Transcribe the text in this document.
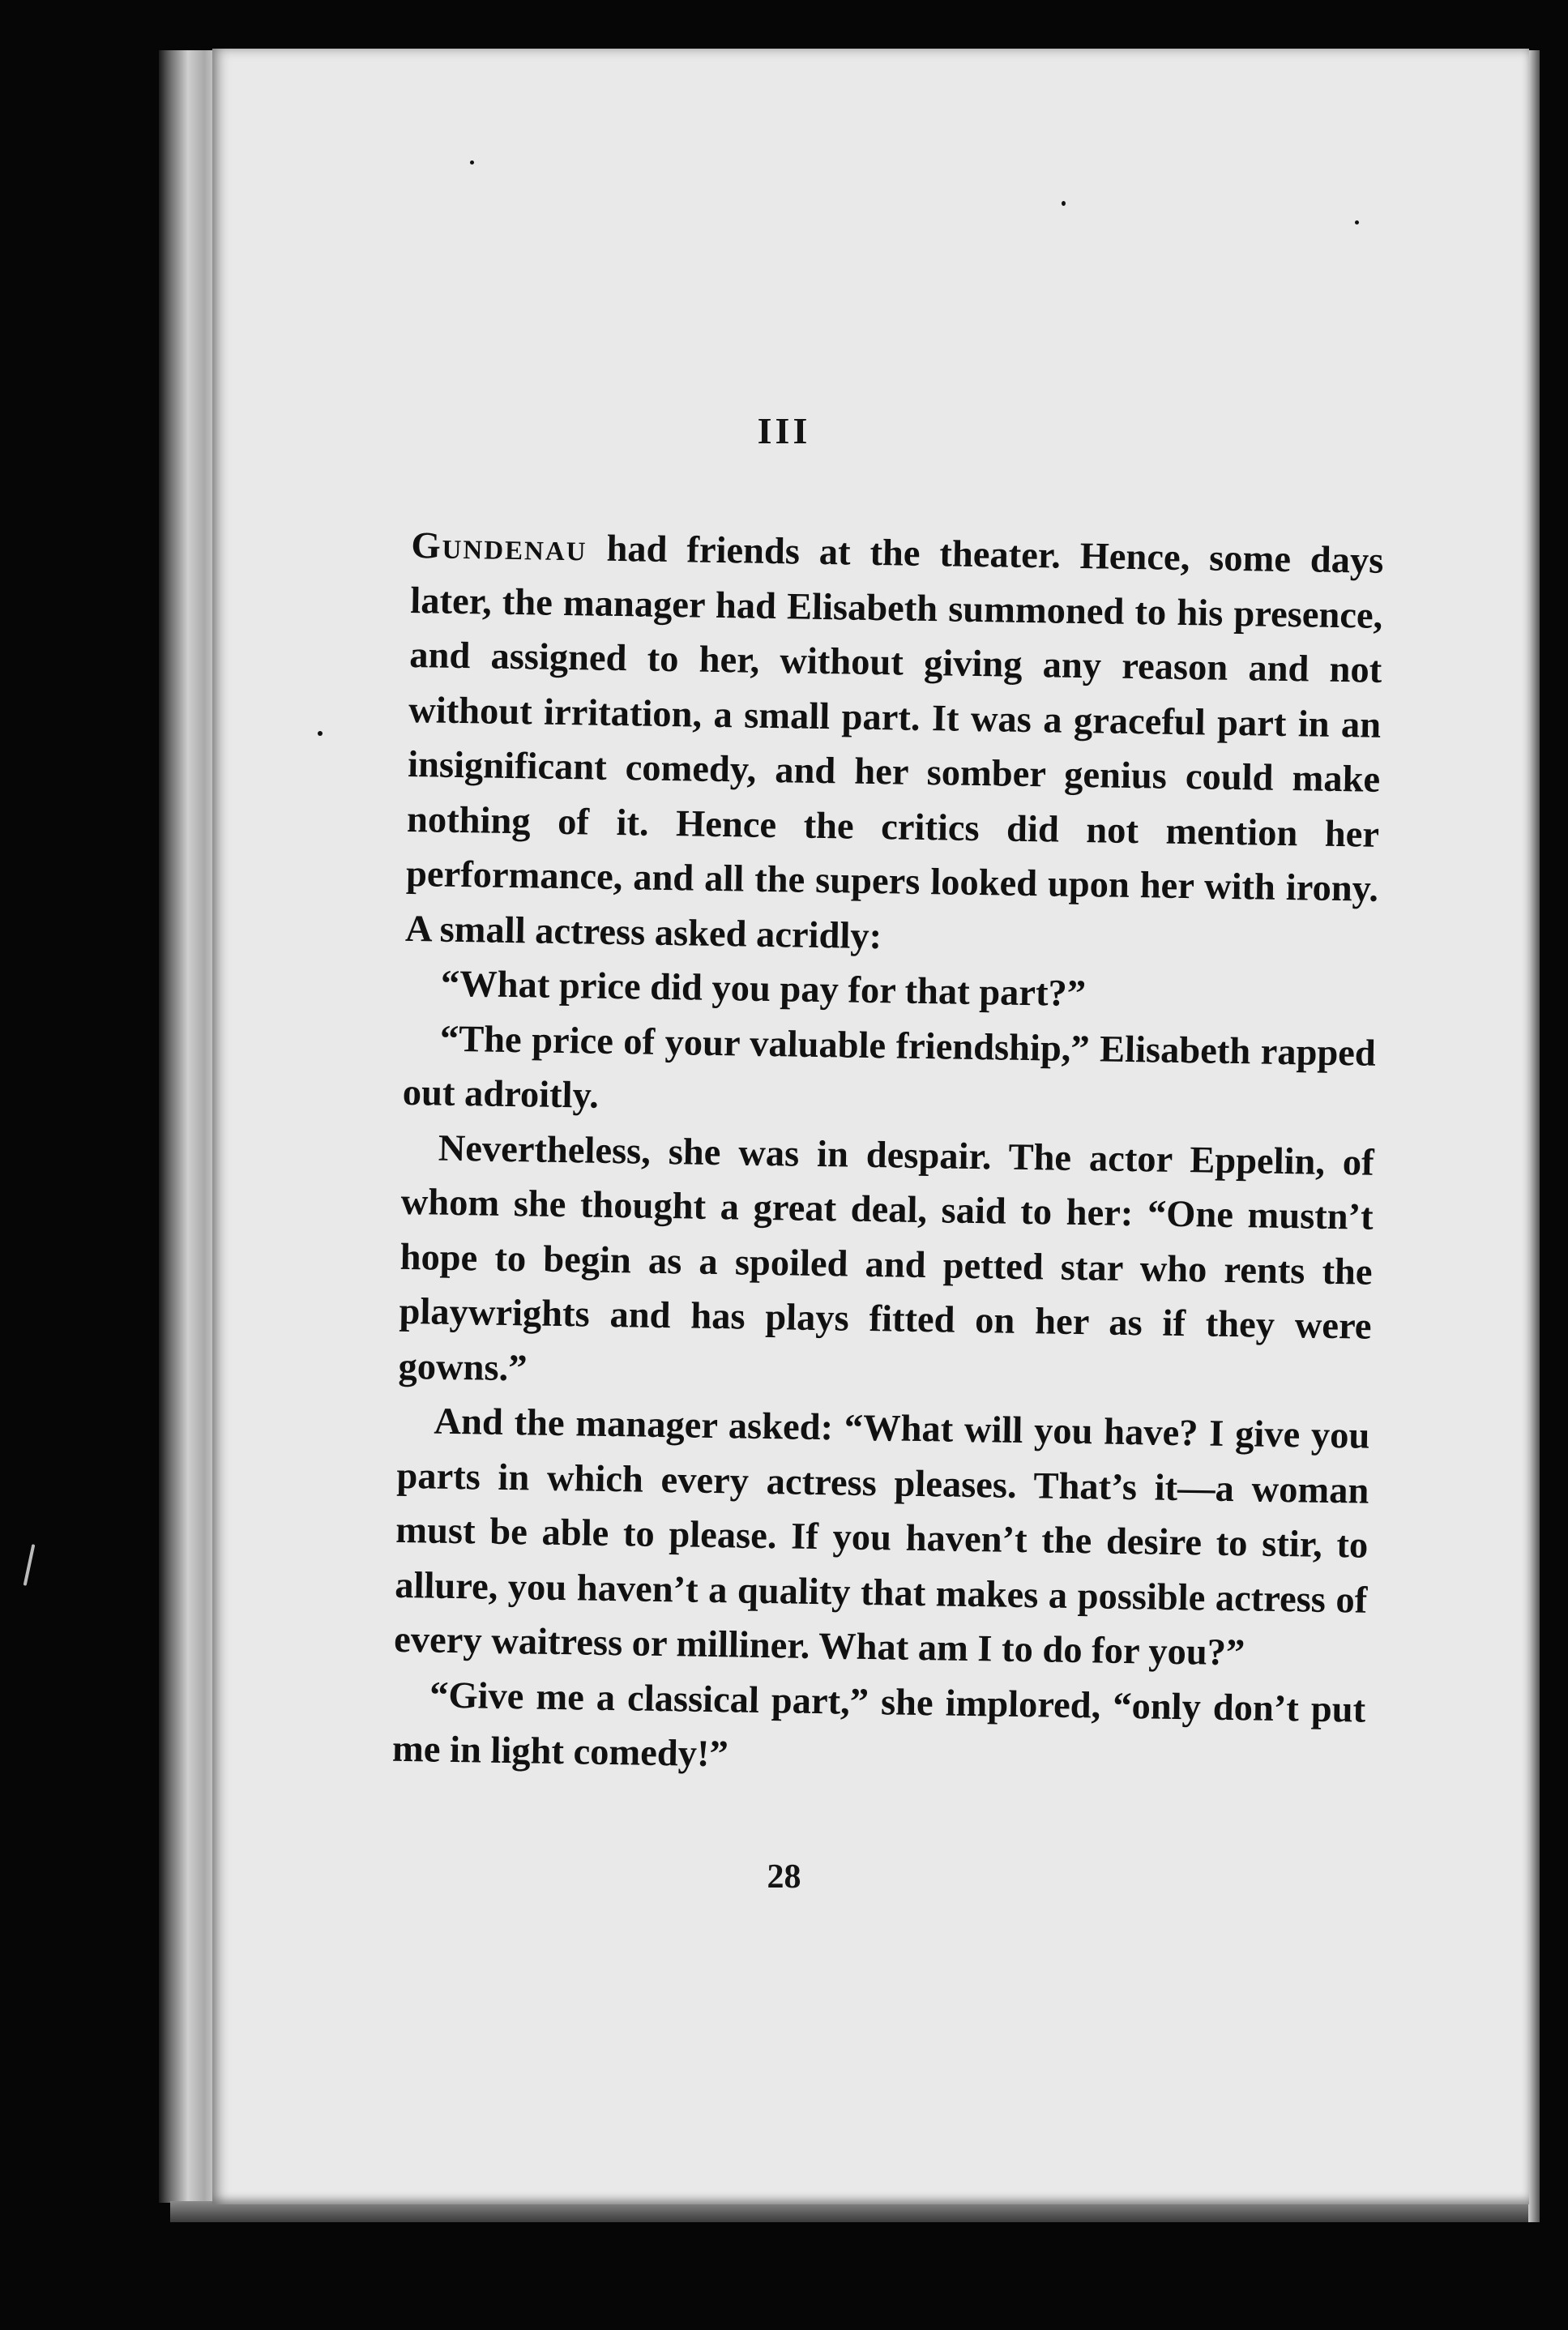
III

Gundenau had friends at the theater. Hence, some days later, the manager had Elisabeth summoned to his presence, and assigned to her, without giving any reason and not without irritation, a small part. It was a graceful part in an insignificant comedy, and her somber genius could make nothing of it. Hence the critics did not mention her performance, and all the supers looked upon her with irony. A small actress asked acridly:

“What price did you pay for that part?”

“The price of your valuable friendship,” Elisabeth rapped out adroitly.

Nevertheless, she was in despair. The actor Eppelin, of whom she thought a great deal, said to her: “One mustn’t hope to begin as a spoiled and petted star who rents the playwrights and has plays fitted on her as if they were gowns.”

And the manager asked: “What will you have? I give you parts in which every actress pleases. That’s it—a woman must be able to please. If you haven’t the desire to stir, to allure, you haven’t a quality that makes a possible actress of every waitress or milliner. What am I to do for you?”

“Give me a classical part,” she implored, “only don’t put me in light comedy!”

28
